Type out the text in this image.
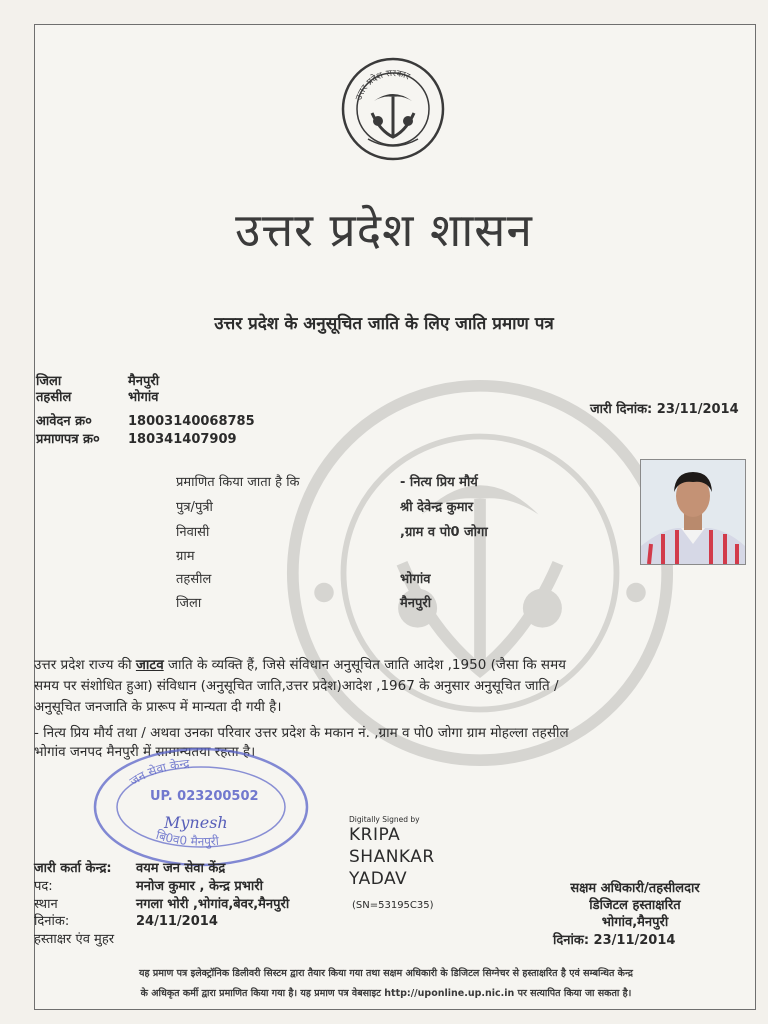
उत्तर प्रदेश सरकार
उत्तर प्रदेश शासन
उत्तर प्रदेश के अनुसूचित जाति के लिए जाति प्रमाण पत्र
जिला	मैनपुरी
तहसील	भोगांव
आवेदन क्र०	18003140068785
प्रमाणपत्र क्र०	180341407909
जारी दिनांक: 23/11/2014
प्रमाणित किया जाता है कि	- नित्य प्रिय मौर्य
पुत्र/पुत्री	श्री देवेन्द्र कुमार
निवासी	,ग्राम व पो0 जोगा
ग्राम
तहसील	भोगांव
जिला	मैनपुरी
उत्तर प्रदेश राज्य की जाटव जाति के व्यक्ति हैं, जिसे संविधान अनुसूचित जाति आदेश ,1950 (जैसा कि समय
समय पर संशोधित हुआ) संविधान (अनुसूचित जाति,उत्तर प्रदेश)आदेश ,1967 के अनुसार अनुसूचित जाति /
अनुसूचित जनजाति के प्रारूप में मान्यता दी गयी है।
- नित्य प्रिय मौर्य तथा / अथवा उनका परिवार उत्तर प्रदेश के मकान नं. ,ग्राम व पो0 जोगा ग्राम मोहल्ला तहसील
भोगांव जनपद मैनपुरी में सामान्यतया रहता है।
जन सेवा केन्द्र
UP. 023200502
Mynesh
बि0व0 मैनपुरी
Digitally Signed by
KRIPA
SHANKAR
YADAV
(SN=53195C35)
जारी कर्ता केन्द्र:	वयम जन सेवा केंद्र
पद:	मनोज कुमार , केन्द्र प्रभारी
स्थान	नगला भोरी ,भोगांव,बेवर,मैनपुरी
दिनांक:	24/11/2014
हस्ताक्षर एंव मुहर
सक्षम अधिकारी/तहसीलदार
डिजिटल हस्ताक्षरित
भोगांव,मैनपुरी
दिनांक: 23/11/2014
यह प्रमाण पत्र इलेक्ट्रॉनिक डिलीवरी सिस्टम द्वारा तैयार किया गया तथा सक्षम अधिकारी के डिजिटल सिग्नेचर से हस्ताक्षरित है एवं सम्बन्धित केन्द्र
के अधिकृत कर्मी द्वारा प्रमाणित किया गया है। यह प्रमाण पत्र वेबसाइट http://uponline.up.nic.in पर सत्यापित किया जा सकता है।
